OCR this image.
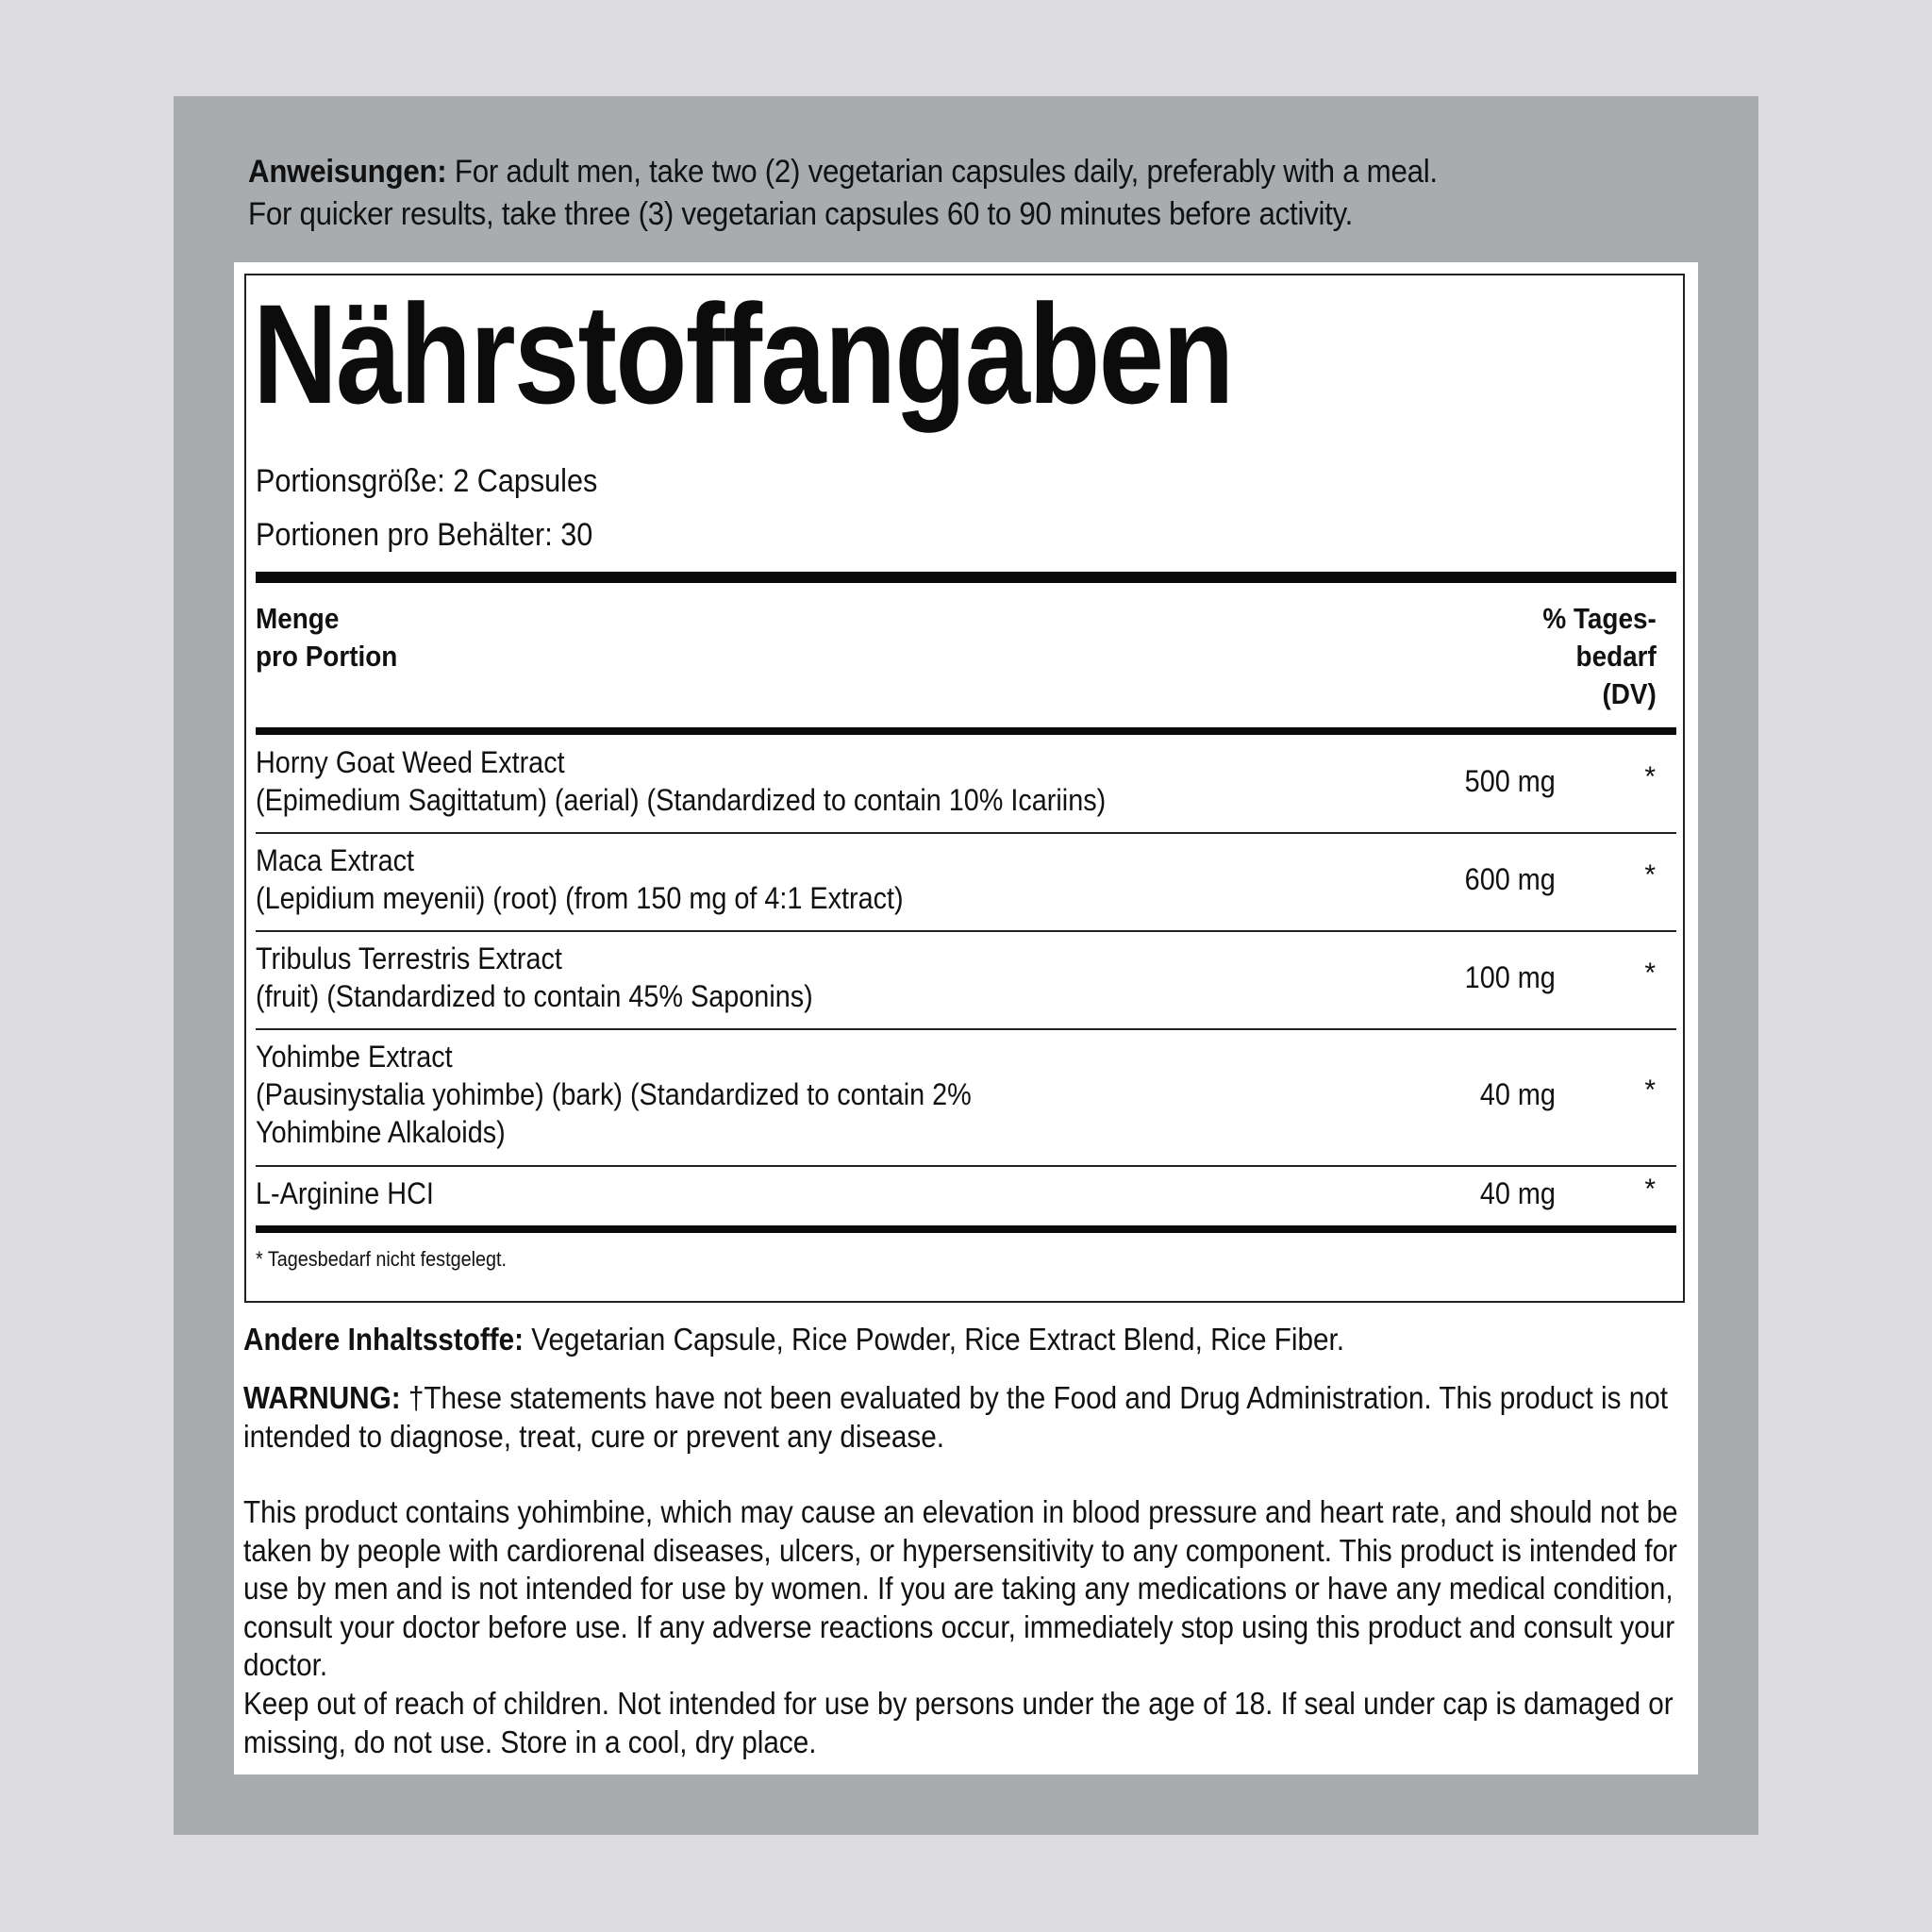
Anweisungen: For adult men, take two (2) vegetarian capsules daily, preferably with a meal.
For quicker results, take three (3) vegetarian capsules 60 to 90 minutes before activity.
Nährstoffangaben
Portionsgröße: 2 Capsules
Portionen pro Behälter: 30
Menge
pro Portion
% Tages-
bedarf
(DV)
Horny Goat Weed Extract
(Epimedium Sagittatum) (aerial) (Standardized to contain 10% Icariins)
500 mg	*
Maca Extract
(Lepidium meyenii) (root) (from 150 mg of 4:1 Extract)
600 mg	*
Tribulus Terrestris Extract
(fruit) (Standardized to contain 45% Saponins)
100 mg	*
Yohimbe Extract
(Pausinystalia yohimbe) (bark) (Standardized to contain 2% Yohimbine Alkaloids)
40 mg	*
L-Arginine HCI	40 mg	*
* Tagesbedarf nicht festgelegt.
Andere Inhaltsstoffe: Vegetarian Capsule, Rice Powder, Rice Extract Blend, Rice Fiber.
WARNUNG: †These statements have not been evaluated by the Food and Drug Administration. This product is not intended to diagnose, treat, cure or prevent any disease.
This product contains yohimbine, which may cause an elevation in blood pressure and heart rate, and should not be taken by people with cardiorenal diseases, ulcers, or hypersensitivity to any component. This product is intended for use by men and is not intended for use by women. If you are taking any medications or have any medical condition, consult your doctor before use. If any adverse reactions occur, immediately stop using this product and consult your doctor.
Keep out of reach of children. Not intended for use by persons under the age of 18. If seal under cap is damaged or missing, do not use. Store in a cool, dry place.
